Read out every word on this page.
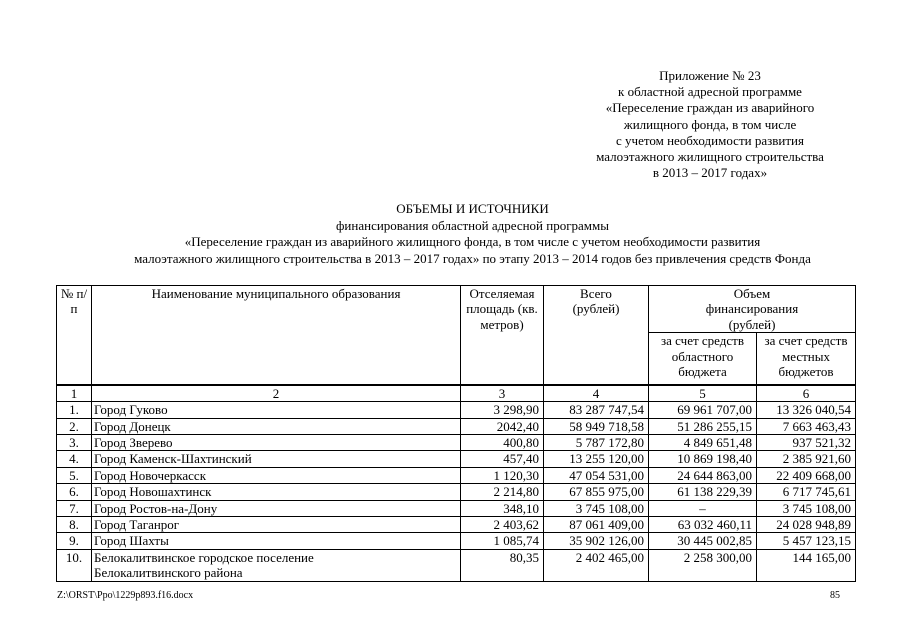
Приложение № 23
к областной адресной программе
«Переселение граждан из аварийного
жилищного фонда, в том числе
с учетом необходимости развития
малоэтажного жилищного строительства
в 2013 – 2017 годах»
ОБЪЕМЫ И ИСТОЧНИКИ
финансирования областной адресной программы
«Переселение граждан из аварийного жилищного фонда, в том числе с учетом необходимости развития
малоэтажного жилищного строительства в 2013 – 2017 годах» по этапу 2013 – 2014 годов без привлечения средств Фонда
№ п/п	Наименование муниципального образования	Отселяемая площадь (кв. метров)	Всего (рублей)	Объем финансирования (рублей)	
				за счет средств областного бюджета	за счет средств местных бюджетов
1	2	3	4	5	6
1.	Город Гуково	3 298,90	83 287 747,54	69 961 707,00	13 326 040,54
2.	Город Донецк	2042,40	58 949 718,58	51 286 255,15	7 663 463,43
3.	Город Зверево	400,80	5 787 172,80	4 849 651,48	937 521,32
4.	Город Каменск-Шахтинский	457,40	13 255 120,00	10 869 198,40	2 385 921,60
5.	Город Новочеркасск	1 120,30	47 054 531,00	24 644 863,00	22 409 668,00
6.	Город Новошахтинск	2 214,80	67 855 975,00	61 138 229,39	6 717 745,61
7.	Город Ростов-на-Дону	348,10	3 745 108,00	–	3 745 108,00
8.	Город Таганрог	2 403,62	87 061 409,00	63 032 460,11	24 028 948,89
9.	Город Шахты	1 085,74	35 902 126,00	30 445 002,85	5 457 123,15
10.	Белокалитвинское городское поселение Белокалитвинского района	80,35	2 402 465,00	2 258 300,00	144 165,00
Z:\ORST\Ppo\1229p893.f16.docx	85
